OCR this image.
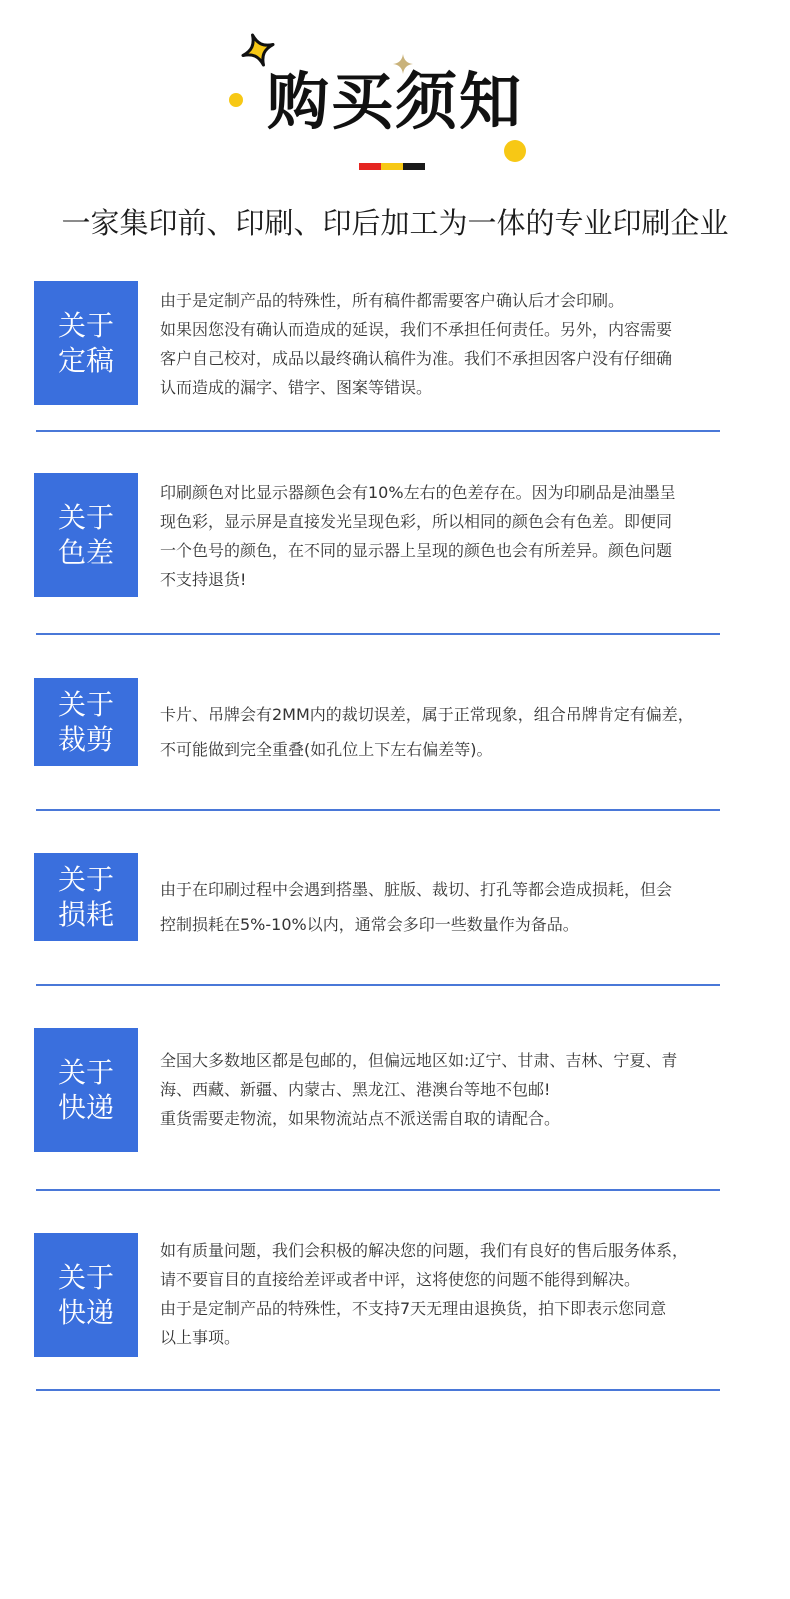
购买须知
一家集印前、印刷、印后加工为一体的专业印刷企业
关于
定稿

由于是定制产品的特殊性，所有稿件都需要客户确认后才会印刷。

如果因您没有确认而造成的延误，我们不承担任何责任。另外，内容需要

客户自己校对，成品以最终确认稿件为准。我们不承担因客户没有仔细确

认而造成的漏字、错字、图案等错误。

关于
色差

印刷颜色对比显示器颜色会有10%左右的色差存在。因为印刷品是油墨呈

现色彩，显示屏是直接发光呈现色彩，所以相同的颜色会有色差。即便同

一个色号的颜色，在不同的显示器上呈现的颜色也会有所差异。颜色问题

不支持退货!

关于
裁剪

卡片、吊牌会有2MM内的裁切误差，属于正常现象，组合吊牌肯定有偏差，

不可能做到完全重叠(如孔位上下左右偏差等)。

关于
损耗

由于在印刷过程中会遇到搭墨、脏版、裁切、打孔等都会造成损耗，但会

控制损耗在5%-10%以内，通常会多印一些数量作为备品。

关于
快递

全国大多数地区都是包邮的，但偏远地区如:辽宁、甘肃、吉林、宁夏、青

海、西藏、新疆、内蒙古、黑龙江、港澳台等地不包邮!

重货需要走物流，如果物流站点不派送需自取的请配合。

关于
快递

如有质量问题，我们会积极的解决您的问题，我们有良好的售后服务体系，

请不要盲目的直接给差评或者中评，这将使您的问题不能得到解决。

由于是定制产品的特殊性，不支持7天无理由退换货，拍下即表示您同意

以上事项。
